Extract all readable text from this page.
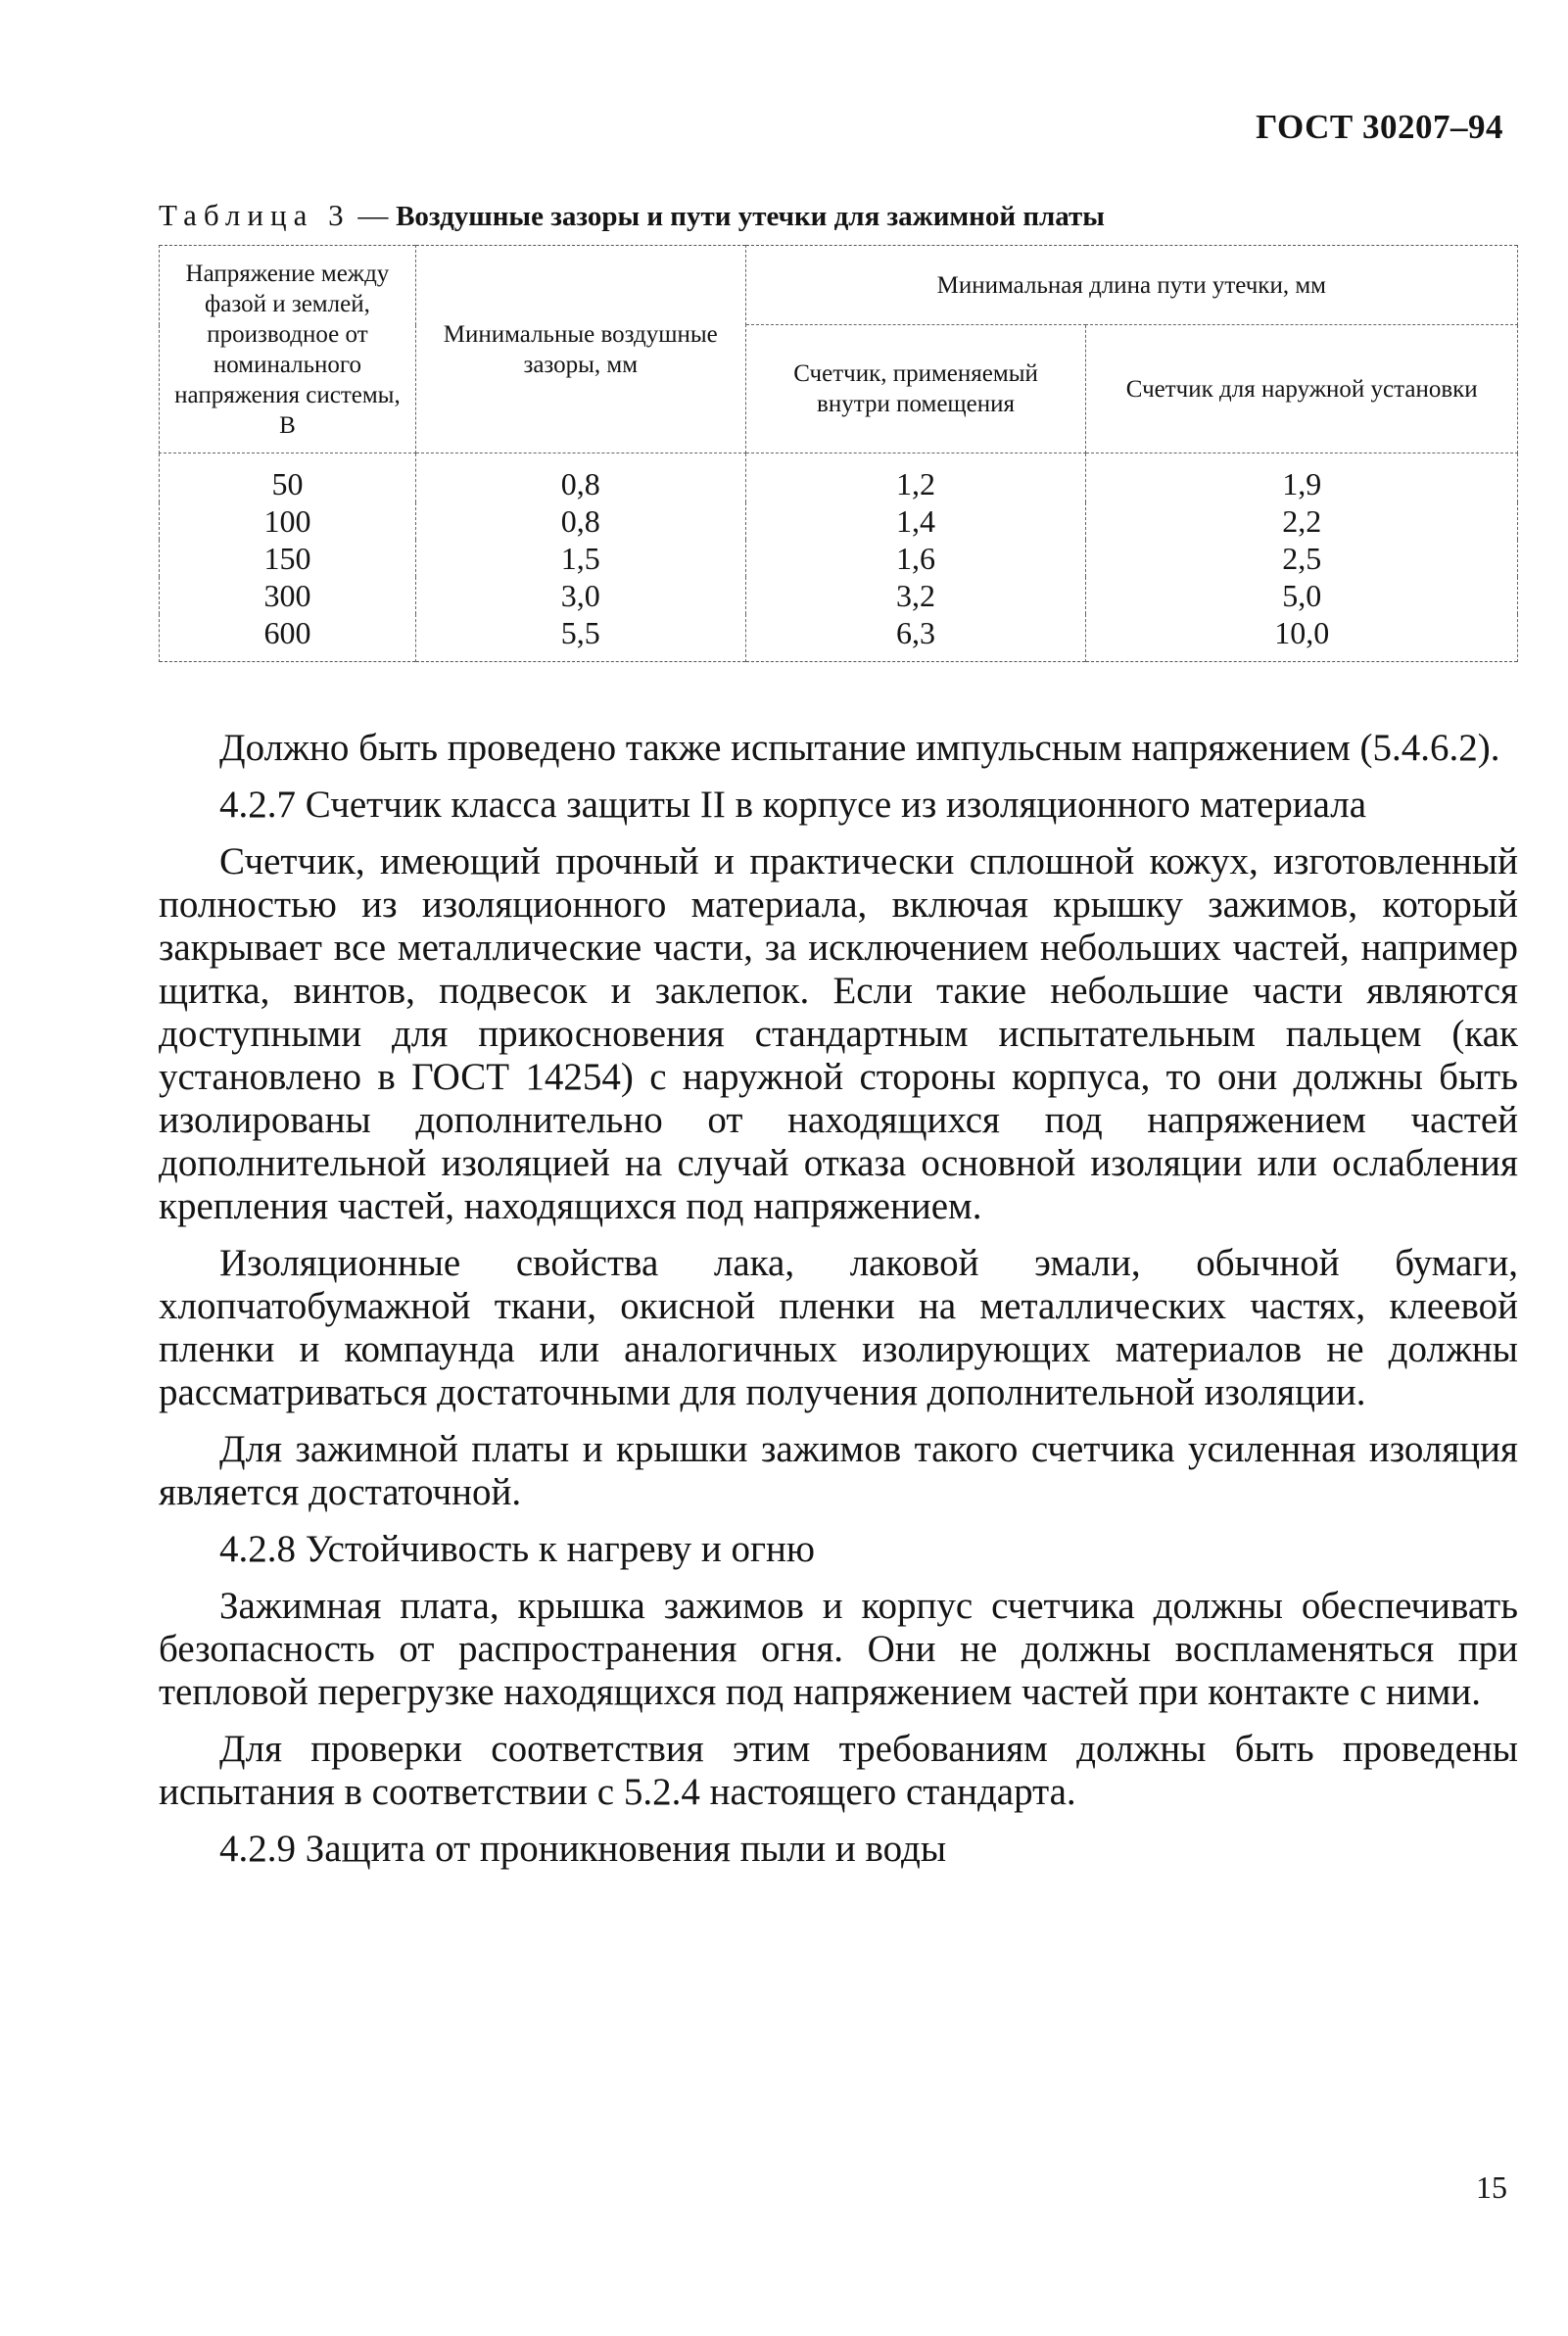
ГОСТ 30207–94
Таблица 3 — Воздушные зазоры и пути утечки для зажимной платы
Напряжение между фазой и землей, производное от номинального напряжения системы, В	Минимальные воздушные зазоры, мм	Минимальная длина пути утечки, мм	
		Счетчик, применяемый внутри помещения	Счетчик для наружной установки
50	0,8	1,2	1,9
100	0,8	1,4	2,2
150	1,5	1,6	2,5
300	3,0	3,2	5,0
600	5,5	6,3	10,0

Должно быть проведено также испытание импульсным напряжением (5.4.6.2).

4.2.7 Счетчик класса защиты II в корпусе из изоляционного материала

Счетчик, имеющий прочный и практически сплошной кожух, изготовленный полностью из изоляционного материала, включая крышку зажимов, который закрывает все металлические части, за исключением небольших частей, например щитка, винтов, подвесок и заклепок. Если такие небольшие части являются доступными для прикосновения стандартным испытательным пальцем (как установлено в ГОСТ 14254) с наружной стороны корпуса, то они должны быть изолированы дополнительно от находящихся под напряжением частей дополнительной изоляцией на случай отказа основной изоляции или ослабления крепления частей, находящихся под напряжением.

Изоляционные свойства лака, лаковой эмали, обычной бумаги, хлопчатобумажной ткани, окисной пленки на металлических частях, клеевой пленки и компаунда или аналогичных изолирующих материалов не должны рассматриваться достаточными для получения дополнительной изоляции.

Для зажимной платы и крышки зажимов такого счетчика усиленная изоляция является достаточной.

4.2.8 Устойчивость к нагреву и огню

Зажимная плата, крышка зажимов и корпус счетчика должны обеспечивать безопасность от распространения огня. Они не должны воспламеняться при тепловой перегрузке находящихся под напряжением частей при контакте с ними.

Для проверки соответствия этим требованиям должны быть проведены испытания в соответствии с 5.2.4 настоящего стандарта.

4.2.9 Защита от проникновения пыли и воды

15
